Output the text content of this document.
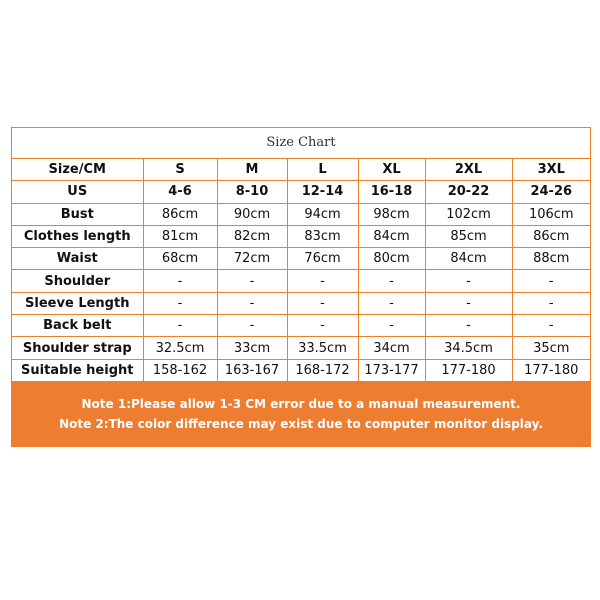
Size Chart
Size/CM	S	M	L	XL	2XL	3XL
US	4-6	8-10	12-14	16-18	20-22	24-26
Bust	86cm	90cm	94cm	98cm	102cm	106cm
Clothes length	81cm	82cm	83cm	84cm	85cm	86cm
Waist	68cm	72cm	76cm	80cm	84cm	88cm
Shoulder	-	-	-	-	-	-
Sleeve Length	-	-	-	-	-	-
Back belt	-	-	-	-	-	-
Shoulder strap	32.5cm	33cm	33.5cm	34cm	34.5cm	35cm
Suitable height	158-162	163-167	168-172	173-177	177-180	177-180
Note 1:Please allow 1-3 CM error due to a manual measurement.
Note 2:The color difference may exist due to computer monitor display.
